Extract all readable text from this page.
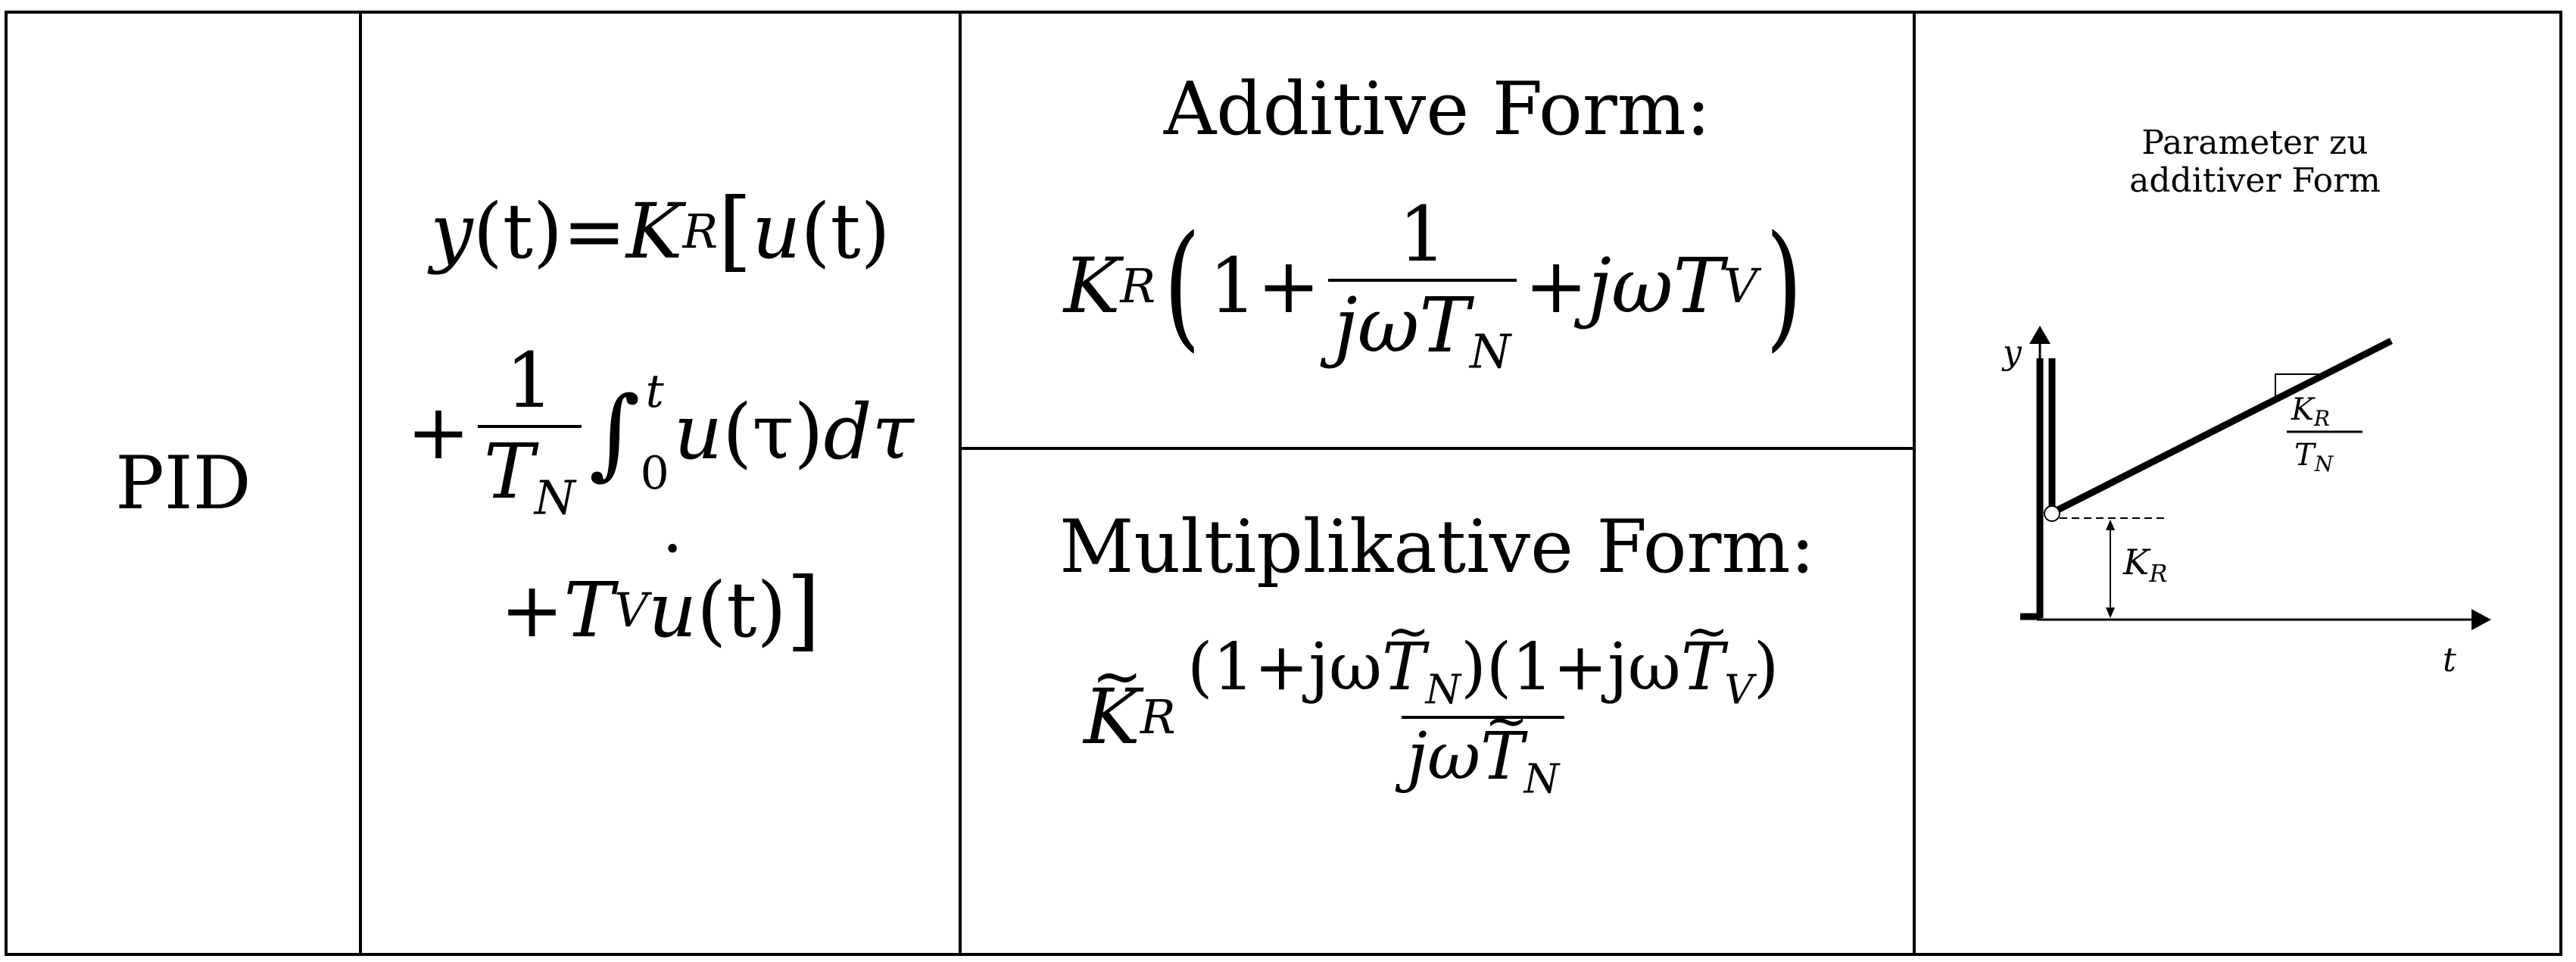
PID
y (t) = K R [ u (t)
+ $\frac{1}{T_N}$ ∫ t
0 u (τ) dτ
+ T V
˙ u (t) ]
Additive Form:
K R ( $1 + \frac{1}{j\omega T_N} + j\omega T$ V )
Multiplikative Form:
~ K R $\frac{(1+j\omega\sim T_N)(1+j\omega\sim T_V)}{j\omega\sim T_N}$
Parameter zu
additiver Form
y
t
$K_R$
$K_R$
$T_N$
